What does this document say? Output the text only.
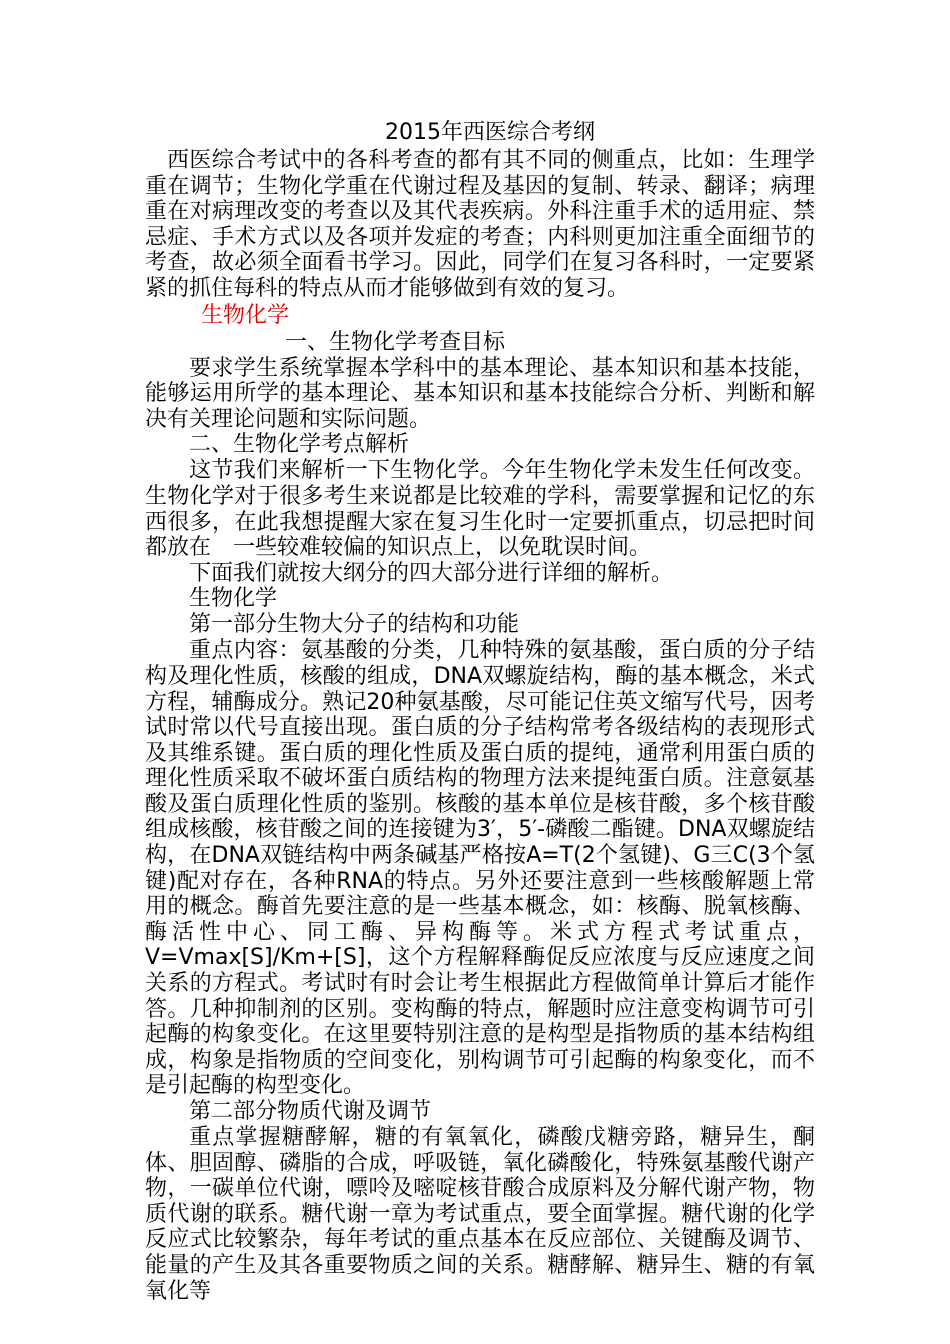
2015年西医综合考纲

西医综合考试中的各科考查的都有其不同的侧重点，比如：生理学重在调节；生物化学重在代谢过程及基因的复制、转录、翻译；病理重在对病理改变的考查以及其代表疾病。外科注重手术的适用症、禁忌症、手术方式以及各项并发症的考查；内科则更加注重全面细节的考查，故必须全面看书学习。因此，同学们在复习各科时，一定要紧紧的抓住每科的特点从而才能够做到有效的复习。

生物化学
一、生物化学考查目标

要求学生系统掌握本学科中的基本理论、基本知识和基本技能，能够运用所学的基本理论、基本知识和基本技能综合分析、判断和解决有关理论问题和实际问题。

二、生物化学考点解析

这节我们来解析一下生物化学。今年生物化学未发生任何改变。生物化学对于很多考生来说都是比较难的学科，需要掌握和记忆的东西很多，在此我想提醒大家在复习生化时一定要抓重点，切忌把时间都放在 一些较难较偏的知识点上，以免耽误时间。

下面我们就按大纲分的四大部分进行详细的解析。

生物化学
第一部分生物大分子的结构和功能

重点内容：氨基酸的分类，几种特殊的氨基酸，蛋白质的分子结构及理化性质，核酸的组成，DNA双螺旋结构，酶的基本概念，米式方程，辅酶成分。熟记20种氨基酸，尽可能记住英文缩写代号，因考试时常以代号直接出现。蛋白质的分子结构常考各级结构的表现形式及其维系键。蛋白质的理化性质及蛋白质的提纯，通常利用蛋白质的理化性质采取不破坏蛋白质结构的物理方法来提纯蛋白质。注意氨基酸及蛋白质理化性质的鉴别。核酸的基本单位是核苷酸，多个核苷酸组成核酸，核苷酸之间的连接键为3′，5′-磷酸二酯键。DNA双螺旋结构，在DNA双链结构中两条碱基严格按A=T(2个氢键)、G三C(3个氢键)配对存在，各种RNA的特点。另外还要注意到一些核酸解题上常用的概念。酶首先要注意的是一些基本概念，如：核酶、脱氧核酶、酶活性中心、同工酶、异构酶等。米式方程式考试重点，V=Vmax[S]/Km+[S]，这个方程解释酶促反应浓度与反应速度之间关系的方程式。考试时有时会让考生根据此方程做简单计算后才能作答。几种抑制剂的区别。变构酶的特点，解题时应注意变构调节可引起酶的构象变化。在这里要特别注意的是构型是指物质的基本结构组成，构象是指物质的空间变化，别构调节可引起酶的构象变化，而不是引起酶的构型变化。

第二部分物质代谢及调节

重点掌握糖酵解，糖的有氧氧化，磷酸戊糖旁路，糖异生，酮体、胆固醇、磷脂的合成，呼吸链，氧化磷酸化，特殊氨基酸代谢产物，一碳单位代谢，嘌呤及嘧啶核苷酸合成原料及分解代谢产物，物质代谢的联系。糖代谢一章为考试重点，要全面掌握。糖代谢的化学反应式比较繁杂，每年考试的重点基本在反应部位、关键酶及调节、能量的产生及其各重要物质之间的关系。糖酵解、糖异生、糖的有氧氧化等
